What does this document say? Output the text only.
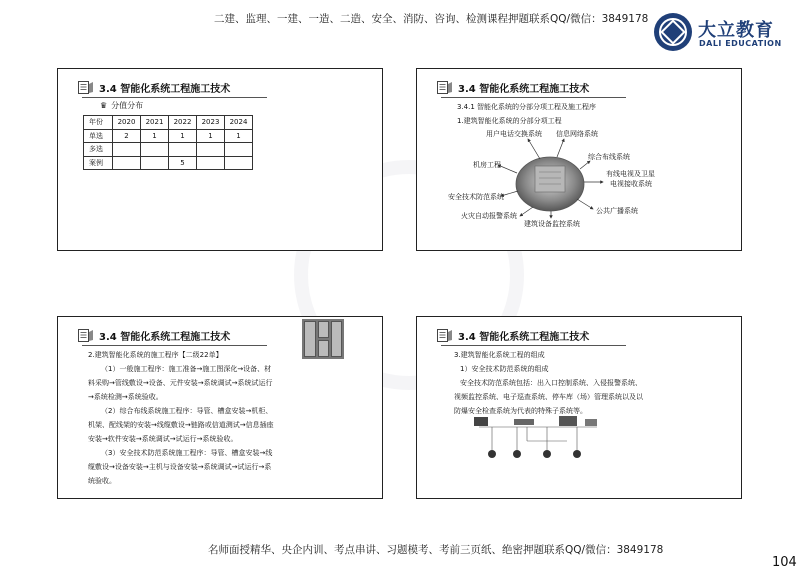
二建、监理、一建、一造、二造、安全、消防、咨询、检测课程押题联系QQ/微信：3849178
大立教育
DALI EDUCATION
3.4 智能化系统工程施工技术
♛ 分值分布
年份	2020	2021	2022	2023	2024
单选	2	1	1	1	1
多选					
案例			5		
3.4 智能化系统工程施工技术
3.4.1 智能化系统的分部分项工程及施工程序
1.建筑智能化系统的分部分项工程
用户电话交换系统 信息网络系统
机房工程
综合布线系统
有线电视及卫星
电视接收系统
安全技术防范系统
公共广播系统
火灾自动报警系统
建筑设备监控系统
3.4 智能化系统工程施工技术

2.建筑智能化系统的施工程序【二级22单】

（1）一般施工程序：施工准备→施工图深化→设备、材

料采购→管线敷设→设备、元件安装→系统调试→系统试运行

→系统检测→系统验收。

（2）综合布线系统施工程序：导管、槽盒安装→机柜、

机架、配线架的安装→线缆敷设→链路或信道测试→信息插座

安装→软件安装→系统调试→试运行→系统验收。

（3）安全技术防范系统施工程序：导管、槽盒安装→线

缆敷设→设备安装→主机与设备安装→系统调试→试运行→系

统验收。

3.4 智能化系统工程施工技术

3.建筑智能化系统工程的组成

1）安全技术防范系统的组成

安全技术防范系统包括：出入口控制系统、入侵报警系统、

视频监控系统、电子巡查系统、停车库（场）管理系统以及以

防爆安全检查系统为代表的特殊子系统等。

名师面授精华、央企内训、考点串讲、习题模考、考前三页纸、绝密押题联系QQ/微信：3849178
104
